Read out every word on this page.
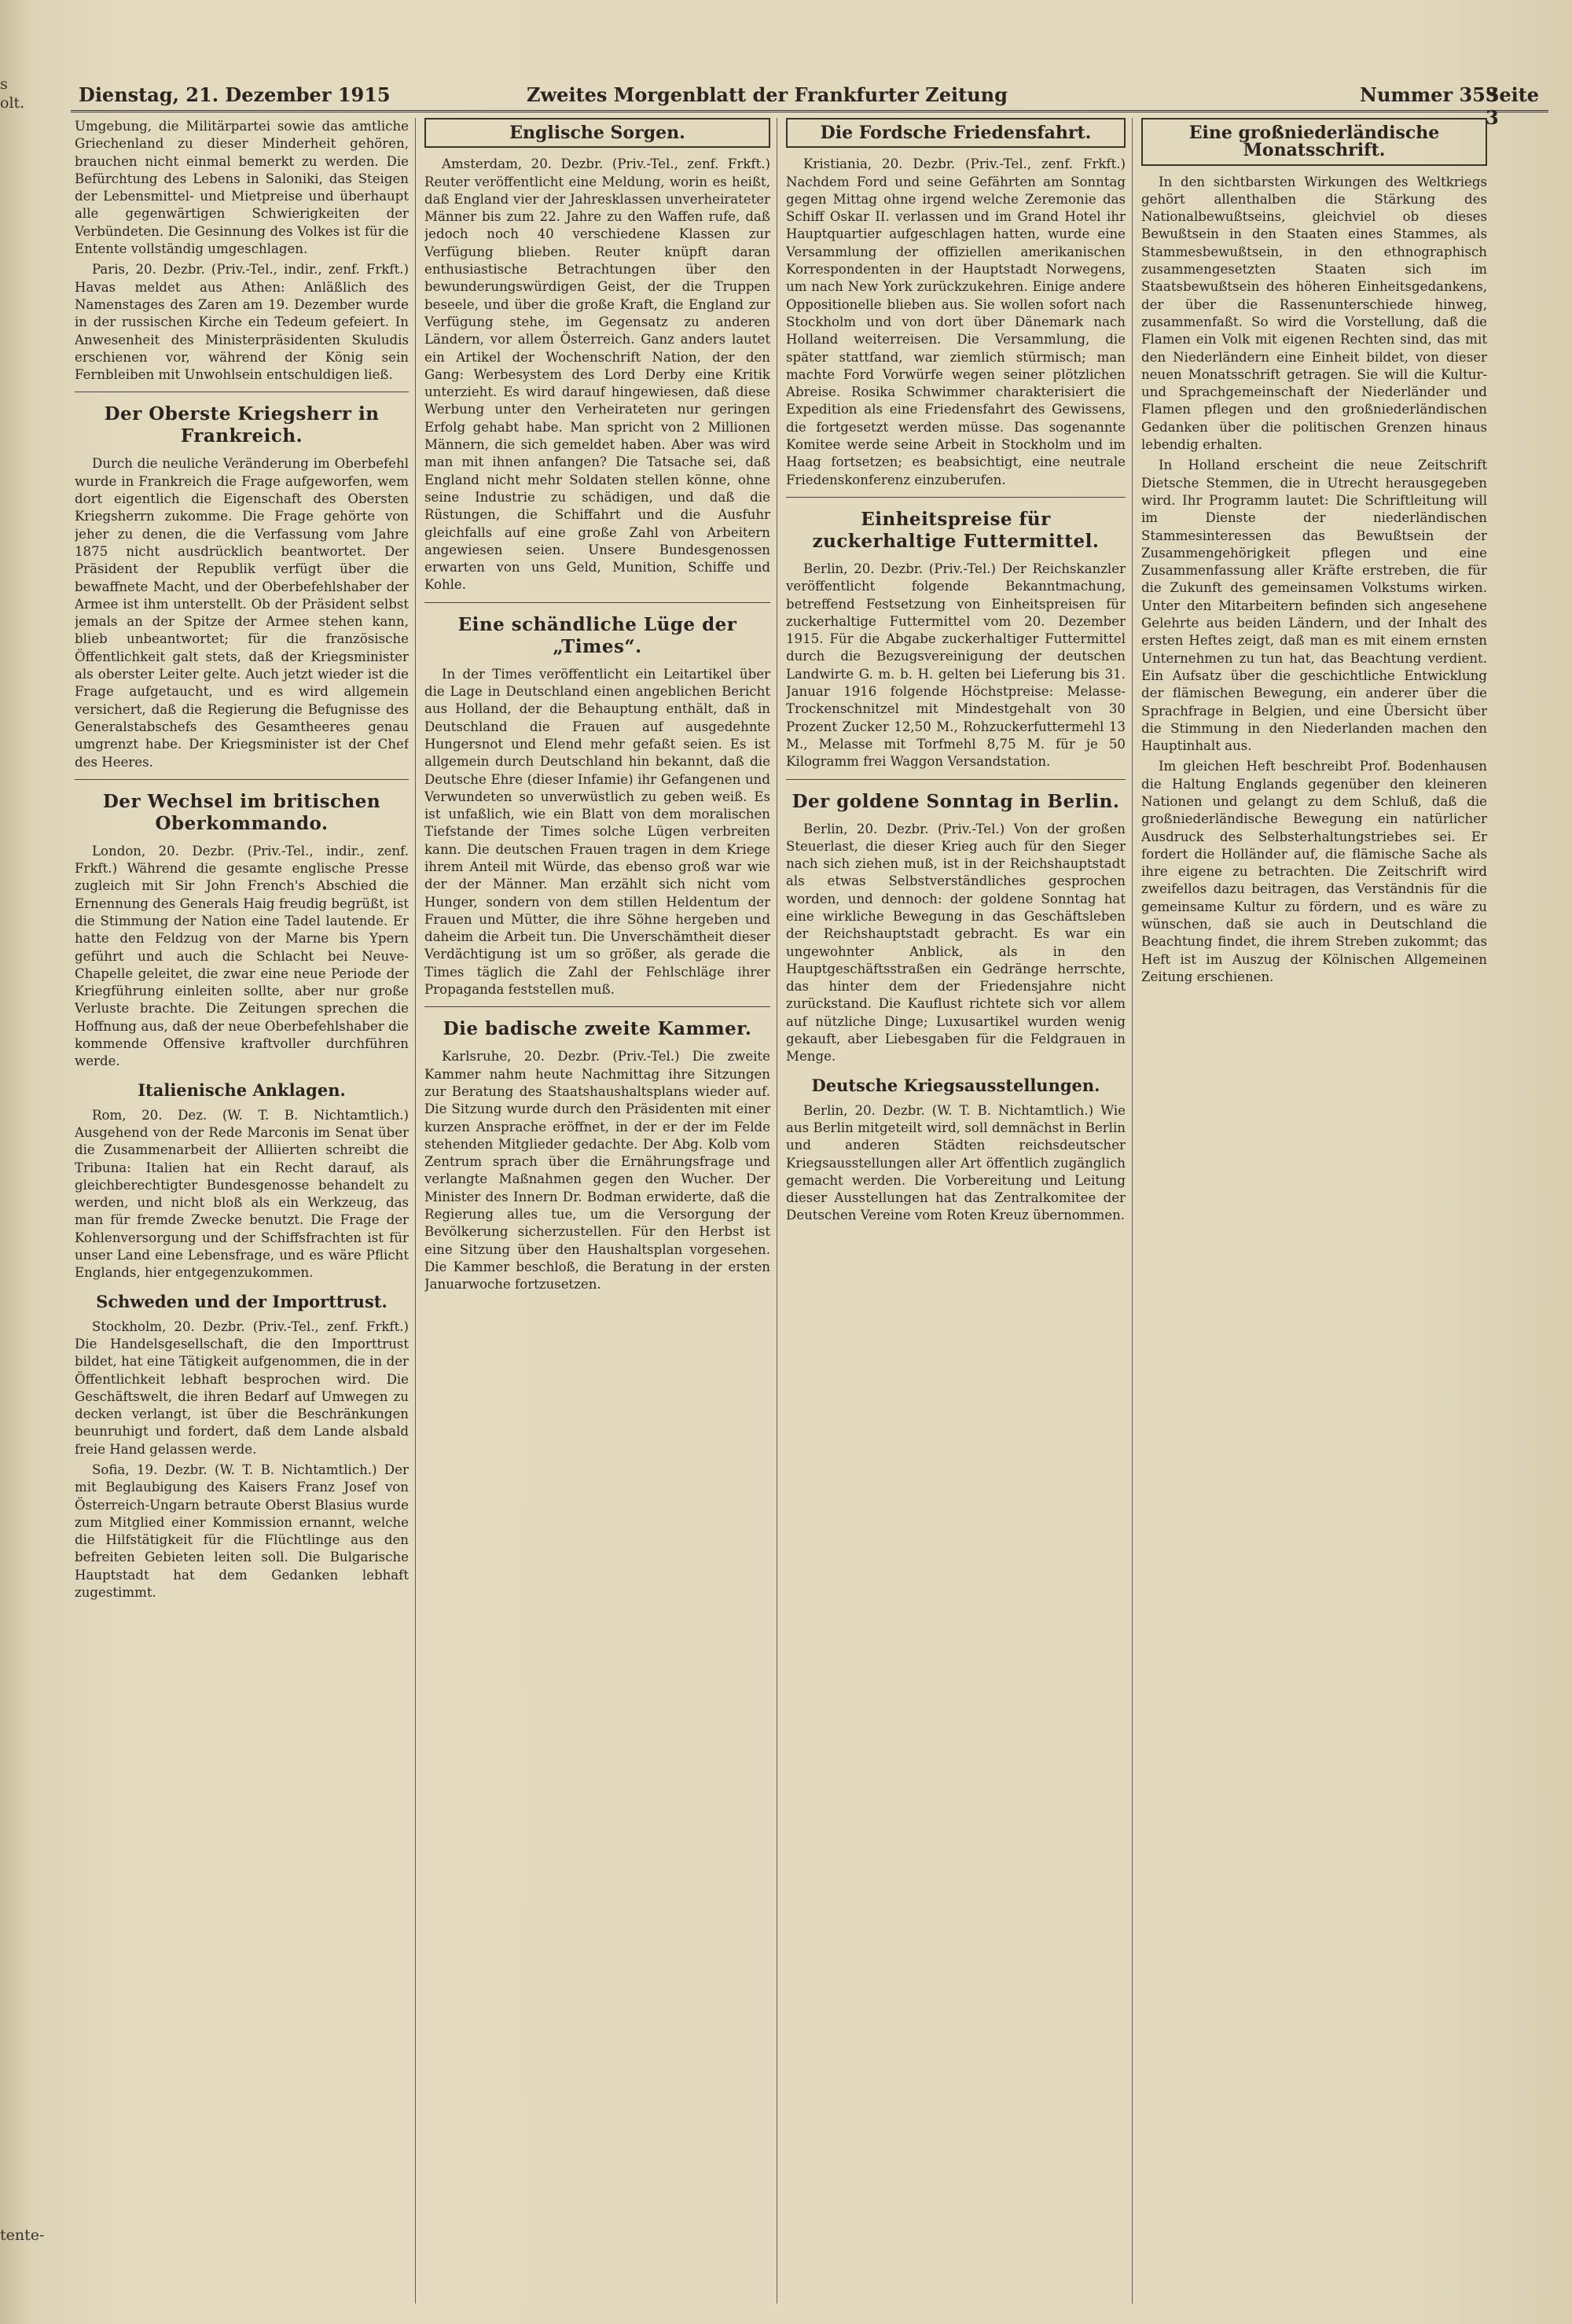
s
olt.

tente-

Dienstag, 21. Dezember 1915	Zweites Morgenblatt der Frankfurter Zeitung	Nummer 353
Seite 3

Umgebung, die Militärpartei sowie das amtliche Griechenland zu dieser Minderheit gehören, brauchen nicht einmal bemerkt zu werden. Die Befürchtung des Lebens in Saloniki, das Steigen der Lebensmittel- und Mietpreise und überhaupt alle gegenwärtigen Schwierigkeiten der Verbündeten. Die Gesinnung des Volkes ist für die Entente vollständig umgeschlagen.

Paris, 20. Dezbr. (Priv.-Tel., indir., zenf. Frkft.) Havas meldet aus Athen: Anläßlich des Namenstages des Zaren am 19. Dezember wurde in der russischen Kirche ein Tedeum gefeiert. In Anwesenheit des Ministerpräsidenten Skuludis erschienen vor, während der König sein Fernbleiben mit Unwohlsein entschuldigen ließ.

Der Oberste Kriegsherr in Frankreich.

Durch die neuliche Veränderung im Oberbefehl wurde in Frankreich die Frage aufgeworfen, wem dort eigentlich die Eigenschaft des Obersten Kriegsherrn zukomme. Die Frage gehörte von jeher zu denen, die die Verfassung vom Jahre 1875 nicht ausdrücklich beantwortet. Der Präsident der Republik verfügt über die bewaffnete Macht, und der Oberbefehlshaber der Armee ist ihm unterstellt. Ob der Präsident selbst jemals an der Spitze der Armee stehen kann, blieb unbeantwortet; für die französische Öffentlichkeit galt stets, daß der Kriegsminister als oberster Leiter gelte. Auch jetzt wieder ist die Frage aufgetaucht, und es wird allgemein versichert, daß die Regierung die Befugnisse des Generalstabschefs des Gesamtheeres genau umgrenzt habe. Der Kriegsminister ist der Chef des Heeres.

Der Wechsel im britischen Oberkommando.

London, 20. Dezbr. (Priv.-Tel., indir., zenf. Frkft.) Während die gesamte englische Presse zugleich mit Sir John French's Abschied die Ernennung des Generals Haig freudig begrüßt, ist die Stimmung der Nation eine Tadel lautende. Er hatte den Feldzug von der Marne bis Ypern geführt und auch die Schlacht bei Neuve-Chapelle geleitet, die zwar eine neue Periode der Kriegführung einleiten sollte, aber nur große Verluste brachte. Die Zeitungen sprechen die Hoffnung aus, daß der neue Oberbefehlshaber die kommende Offensive kraftvoller durchführen werde.

Italienische Anklagen.

Rom, 20. Dez. (W. T. B. Nichtamtlich.) Ausgehend von der Rede Marconis im Senat über die Zusammenarbeit der Alliierten schreibt die Tribuna: Italien hat ein Recht darauf, als gleichberechtigter Bundesgenosse behandelt zu werden, und nicht bloß als ein Werkzeug, das man für fremde Zwecke benutzt. Die Frage der Kohlenversorgung und der Schiffsfrachten ist für unser Land eine Lebensfrage, und es wäre Pflicht Englands, hier entgegenzukommen.

Schweden und der Importtrust.

Stockholm, 20. Dezbr. (Priv.-Tel., zenf. Frkft.) Die Handelsgesellschaft, die den Importtrust bildet, hat eine Tätigkeit aufgenommen, die in der Öffentlichkeit lebhaft besprochen wird. Die Geschäftswelt, die ihren Bedarf auf Umwegen zu decken verlangt, ist über die Beschränkungen beunruhigt und fordert, daß dem Lande alsbald freie Hand gelassen werde.

Sofia, 19. Dezbr. (W. T. B. Nichtamtlich.) Der mit Beglaubigung des Kaisers Franz Josef von Österreich-Ungarn betraute Oberst Blasius wurde zum Mitglied einer Kommission ernannt, welche die Hilfstätigkeit für die Flüchtlinge aus den befreiten Gebieten leiten soll. Die Bulgarische Hauptstadt hat dem Gedanken lebhaft zugestimmt.

Englische Sorgen.

Amsterdam, 20. Dezbr. (Priv.-Tel., zenf. Frkft.) Reuter veröffentlicht eine Meldung, worin es heißt, daß England vier der Jahresklassen unverheirateter Männer bis zum 22. Jahre zu den Waffen rufe, daß jedoch noch 40 verschiedene Klassen zur Verfügung blieben. Reuter knüpft daran enthusiastische Betrachtungen über den bewunderungswürdigen Geist, der die Truppen beseele, und über die große Kraft, die England zur Verfügung stehe, im Gegensatz zu anderen Ländern, vor allem Österreich. Ganz anders lautet ein Artikel der Wochenschrift Nation, der den Gang: Werbesystem des Lord Derby eine Kritik unterzieht. Es wird darauf hingewiesen, daß diese Werbung unter den Verheirateten nur geringen Erfolg gehabt habe. Man spricht von 2 Millionen Männern, die sich gemeldet haben. Aber was wird man mit ihnen anfangen? Die Tatsache sei, daß England nicht mehr Soldaten stellen könne, ohne seine Industrie zu schädigen, und daß die Rüstungen, die Schiffahrt und die Ausfuhr gleichfalls auf eine große Zahl von Arbeitern angewiesen seien. Unsere Bundesgenossen erwarten von uns Geld, Munition, Schiffe und Kohle.

Eine schändliche Lüge der „Times“.

In der Times veröffentlicht ein Leitartikel über die Lage in Deutschland einen angeblichen Bericht aus Holland, der die Behauptung enthält, daß in Deutschland die Frauen auf ausgedehnte Hungersnot und Elend mehr gefaßt seien. Es ist allgemein durch Deutschland hin bekannt, daß die Deutsche Ehre (dieser Infamie) ihr Gefangenen und Verwundeten so unverwüstlich zu geben weiß. Es ist unfaßlich, wie ein Blatt von dem moralischen Tiefstande der Times solche Lügen verbreiten kann. Die deutschen Frauen tragen in dem Kriege ihrem Anteil mit Würde, das ebenso groß war wie der der Männer. Man erzählt sich nicht vom Hunger, sondern von dem stillen Heldentum der Frauen und Mütter, die ihre Söhne hergeben und daheim die Arbeit tun. Die Unverschämtheit dieser Verdächtigung ist um so größer, als gerade die Times täglich die Zahl der Fehlschläge ihrer Propaganda feststellen muß.

Die badische zweite Kammer.

Karlsruhe, 20. Dezbr. (Priv.-Tel.) Die zweite Kammer nahm heute Nachmittag ihre Sitzungen zur Beratung des Staatshaushaltsplans wieder auf. Die Sitzung wurde durch den Präsidenten mit einer kurzen Ansprache eröffnet, in der er der im Felde stehenden Mitglieder gedachte. Der Abg. Kolb vom Zentrum sprach über die Ernährungsfrage und verlangte Maßnahmen gegen den Wucher. Der Minister des Innern Dr. Bodman erwiderte, daß die Regierung alles tue, um die Versorgung der Bevölkerung sicherzustellen. Für den Herbst ist eine Sitzung über den Haushaltsplan vorgesehen. Die Kammer beschloß, die Beratung in der ersten Januarwoche fortzusetzen.

Die Fordsche Friedensfahrt.

Kristiania, 20. Dezbr. (Priv.-Tel., zenf. Frkft.) Nachdem Ford und seine Gefährten am Sonntag gegen Mittag ohne irgend welche Zeremonie das Schiff Oskar II. verlassen und im Grand Hotel ihr Hauptquartier aufgeschlagen hatten, wurde eine Versammlung der offiziellen amerikanischen Korrespondenten in der Hauptstadt Norwegens, um nach New York zurückzukehren. Einige andere Oppositionelle blieben aus. Sie wollen sofort nach Stockholm und von dort über Dänemark nach Holland weiterreisen. Die Versammlung, die später stattfand, war ziemlich stürmisch; man machte Ford Vorwürfe wegen seiner plötzlichen Abreise. Rosika Schwimmer charakterisiert die Expedition als eine Friedensfahrt des Gewissens, die fortgesetzt werden müsse. Das sogenannte Komitee werde seine Arbeit in Stockholm und im Haag fortsetzen; es beabsichtigt, eine neutrale Friedenskonferenz einzuberufen.

Einheitspreise für zuckerhaltige Futtermittel.

Berlin, 20. Dezbr. (Priv.-Tel.) Der Reichskanzler veröffentlicht folgende Bekanntmachung, betreffend Festsetzung von Einheitspreisen für zuckerhaltige Futtermittel vom 20. Dezember 1915. Für die Abgabe zuckerhaltiger Futtermittel durch die Bezugsvereinigung der deutschen Landwirte G. m. b. H. gelten bei Lieferung bis 31. Januar 1916 folgende Höchstpreise: Melasse-Trockenschnitzel mit Mindestgehalt von 30 Prozent Zucker 12,50 M., Rohzuckerfuttermehl 13 M., Melasse mit Torfmehl 8,75 M. für je 50 Kilogramm frei Waggon Versandstation.

Der goldene Sonntag in Berlin.

Berlin, 20. Dezbr. (Priv.-Tel.) Von der großen Steuerlast, die dieser Krieg auch für den Sieger nach sich ziehen muß, ist in der Reichshauptstadt als etwas Selbstverständliches gesprochen worden, und dennoch: der goldene Sonntag hat eine wirkliche Bewegung in das Geschäftsleben der Reichshauptstadt gebracht. Es war ein ungewohnter Anblick, als in den Hauptgeschäftsstraßen ein Gedränge herrschte, das hinter dem der Friedensjahre nicht zurückstand. Die Kauflust richtete sich vor allem auf nützliche Dinge; Luxusartikel wurden wenig gekauft, aber Liebesgaben für die Feldgrauen in Menge.

Deutsche Kriegsausstellungen.

Berlin, 20. Dezbr. (W. T. B. Nichtamtlich.) Wie aus Berlin mitgeteilt wird, soll demnächst in Berlin und anderen Städten reichsdeutscher Kriegsausstellungen aller Art öffentlich zugänglich gemacht werden. Die Vorbereitung und Leitung dieser Ausstellungen hat das Zentralkomitee der Deutschen Vereine vom Roten Kreuz übernommen.

Eine großniederländische Monatsschrift.

In den sichtbarsten Wirkungen des Weltkriegs gehört allenthalben die Stärkung des Nationalbewußtseins, gleichviel ob dieses Bewußtsein in den Staaten eines Stammes, als Stammesbewußtsein, in den ethnographisch zusammengesetzten Staaten sich im Staatsbewußtsein des höheren Einheitsgedankens, der über die Rassenunterschiede hinweg, zusammenfaßt. So wird die Vorstellung, daß die Flamen ein Volk mit eigenen Rechten sind, das mit den Niederländern eine Einheit bildet, von dieser neuen Monatsschrift getragen. Sie will die Kultur- und Sprachgemeinschaft der Niederländer und Flamen pflegen und den großniederländischen Gedanken über die politischen Grenzen hinaus lebendig erhalten.

In Holland erscheint die neue Zeitschrift Dietsche Stemmen, die in Utrecht herausgegeben wird. Ihr Programm lautet: Die Schriftleitung will im Dienste der niederländischen Stammesinteressen das Bewußtsein der Zusammengehörigkeit pflegen und eine Zusammenfassung aller Kräfte erstreben, die für die Zukunft des gemeinsamen Volkstums wirken. Unter den Mitarbeitern befinden sich angesehene Gelehrte aus beiden Ländern, und der Inhalt des ersten Heftes zeigt, daß man es mit einem ernsten Unternehmen zu tun hat, das Beachtung verdient. Ein Aufsatz über die geschichtliche Entwicklung der flämischen Bewegung, ein anderer über die Sprachfrage in Belgien, und eine Übersicht über die Stimmung in den Niederlanden machen den Hauptinhalt aus.

Im gleichen Heft beschreibt Prof. Bodenhausen die Haltung Englands gegenüber den kleineren Nationen und gelangt zu dem Schluß, daß die großniederländische Bewegung ein natürlicher Ausdruck des Selbsterhaltungstriebes sei. Er fordert die Holländer auf, die flämische Sache als ihre eigene zu betrachten. Die Zeitschrift wird zweifellos dazu beitragen, das Verständnis für die gemeinsame Kultur zu fördern, und es wäre zu wünschen, daß sie auch in Deutschland die Beachtung findet, die ihrem Streben zukommt; das Heft ist im Auszug der Kölnischen Allgemeinen Zeitung erschienen.
